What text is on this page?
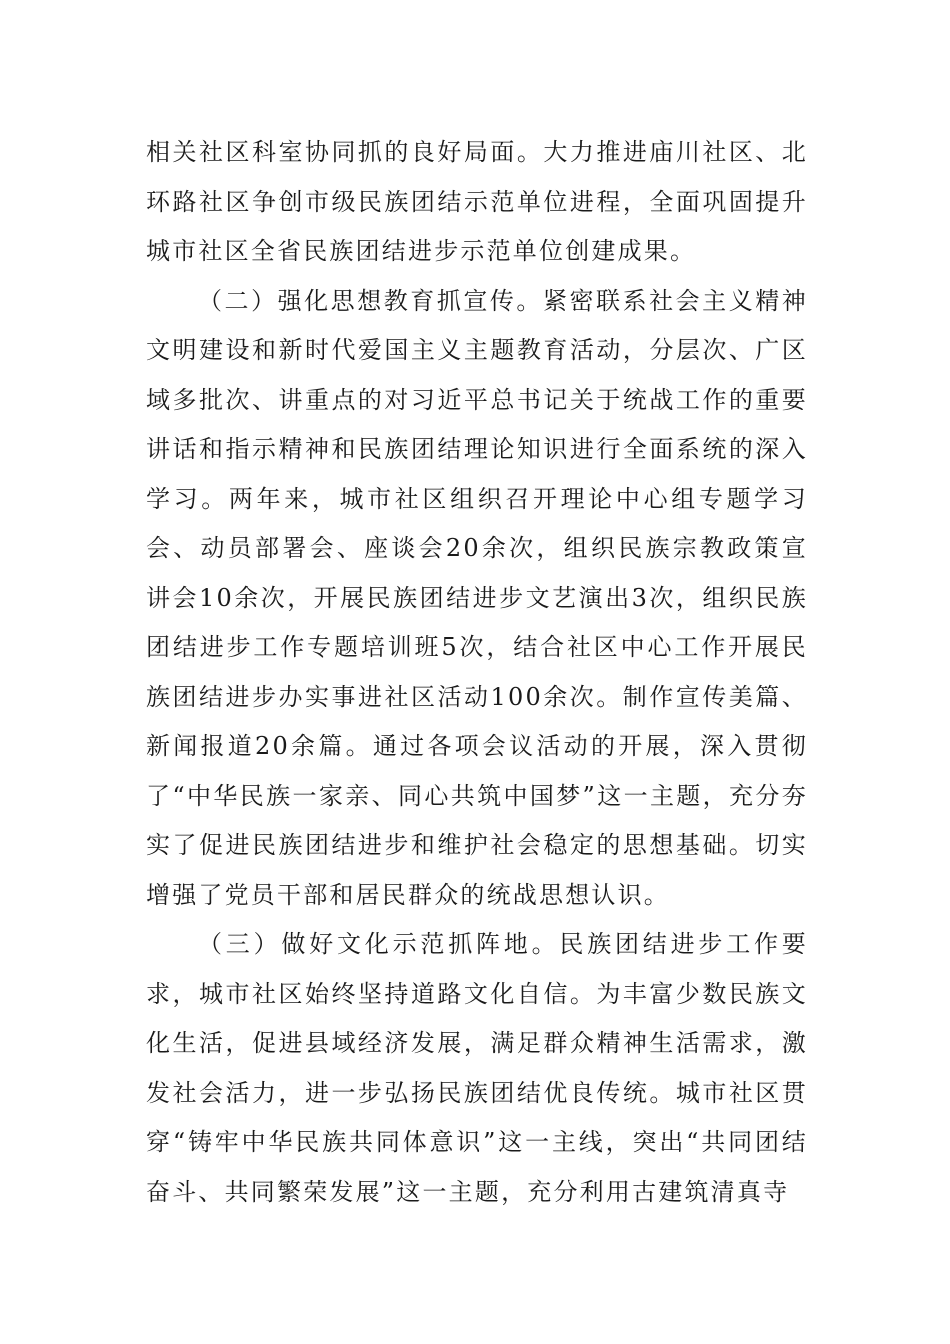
相关社区科室协同抓的良好局面。大力推进庙川社区、北环路社区争创市级民族团结示范单位进程，全面巩固提升城市社区全省民族团结进步示范单位创建成果。

（二）强化思想教育抓宣传。紧密联系社会主义精神文明建设和新时代爱国主义主题教育活动，分层次、广区域多批次、讲重点的对习近平总书记关于统战工作的重要讲话和指示精神和民族团结理论知识进行全面系统的深入学习。两年来，城市社区组织召开理论中心组专题学习会、动员部署会、座谈会20余次，组织民族宗教政策宣讲会10余次，开展民族团结进步文艺演出3次，组织民族团结进步工作专题培训班5次，结合社区中心工作开展民族团结进步办实事进社区活动100余次。制作宣传美篇、新闻报道20余篇。通过各项会议活动的开展，深入贯彻了“中华民族一家亲、同心共筑中国梦”这一主题，充分夯实了促进民族团结进步和维护社会稳定的思想基础。切实增强了党员干部和居民群众的统战思想认识。

（三）做好文化示范抓阵地。民族团结进步工作要求，城市社区始终坚持道路文化自信。为丰富少数民族文化生活，促进县域经济发展，满足群众精神生活需求，激发社会活力，进一步弘扬民族团结优良传统。城市社区贯穿“铸牢中华民族共同体意识”这一主线，突出“共同团结奋斗、共同繁荣发展”这一主题，充分利用古建筑清真寺
